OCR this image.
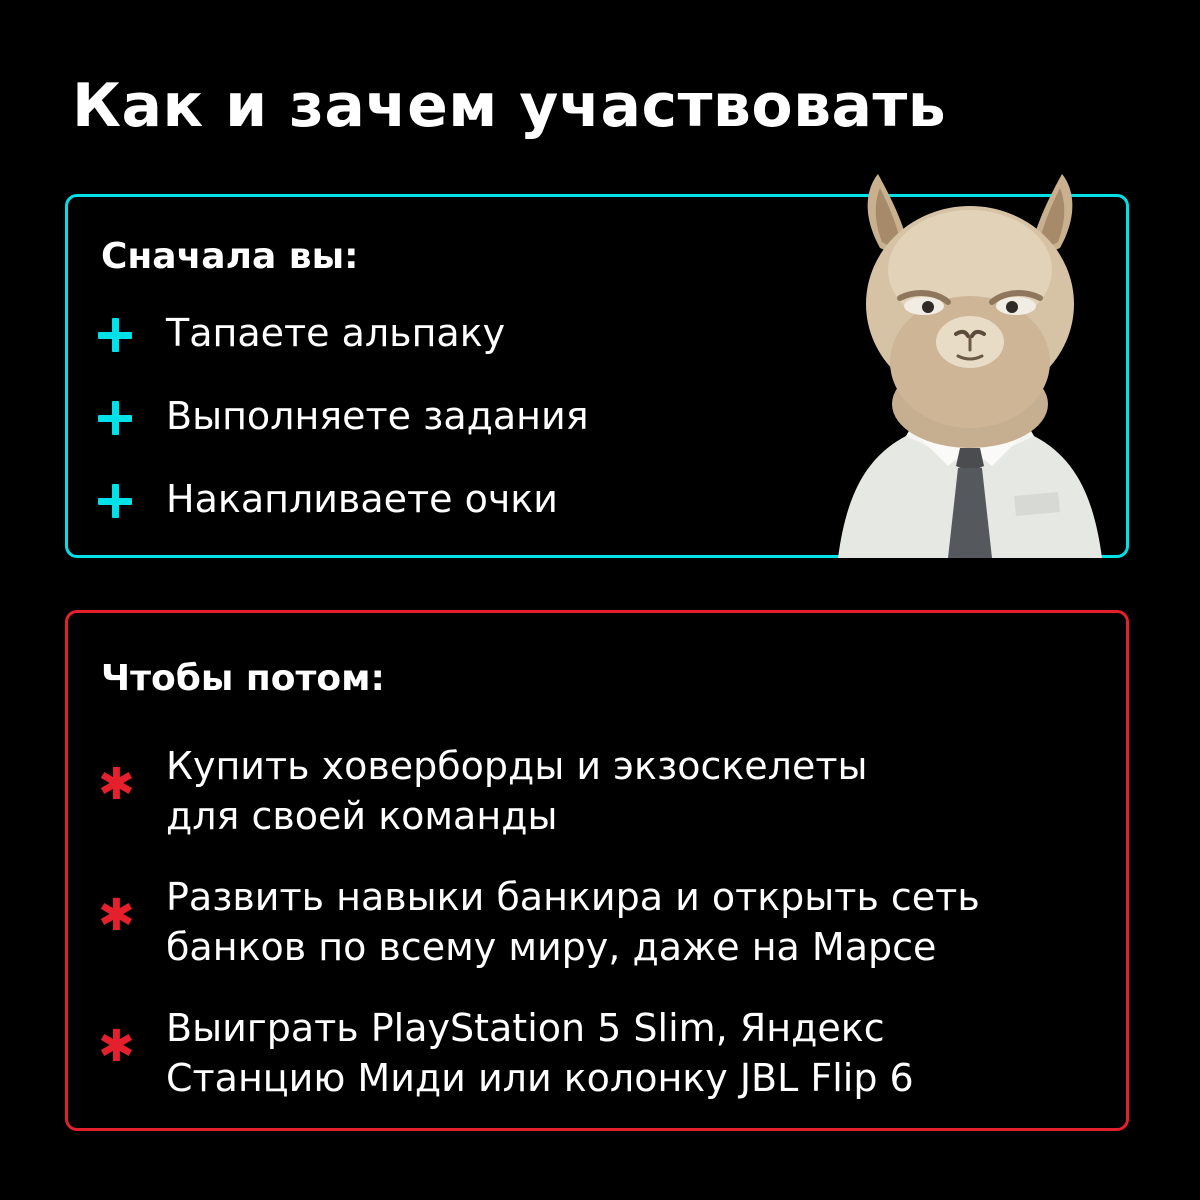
Как и зачем участвовать
Сначала вы:
Тапаете альпаку
Выполняете задания
Накапливаете очки
Чтобы потом:
✱ Купить ховерборды и экзоскелеты
для своей команды
✱ Развить навыки банкира и открыть сеть
банков по всему миру, даже на Марсе
✱ Выиграть PlayStation 5 Slim, Яндекс
Станцию Миди или колонку JBL Flip 6
